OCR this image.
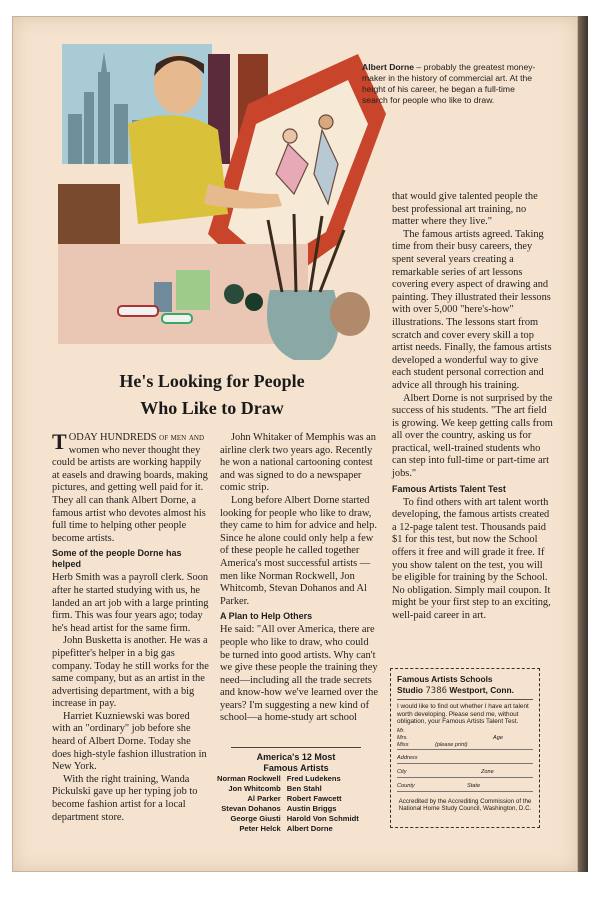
Albert Dorne – probably the greatest money-maker in the history of commercial art. At the height of his career, he began a full-time search for people who like to draw.
He's Looking for People
Who Like to Draw

TODAY HUNDREDS of men and women who never thought they could be artists are working happily at easels and drawing boards, making pictures, and getting well paid for it. They all can thank Albert Dorne, a famous artist who devotes almost his full time to helping other people become artists.

Some of the people Dorne has helped

Herb Smith was a payroll clerk. Soon after he started studying with us, he landed an art job with a large printing firm. This was four years ago; today he's head artist for the same firm.

John Busketta is another. He was a pipefitter's helper in a big gas company. Today he still works for the same company, but as an artist in the advertising department, with a big increase in pay.

Harriet Kuzniewski was bored with an "ordinary" job before she heard of Albert Dorne. Today she does high-style fashion illustration in New York.

With the right training, Wanda Pickulski gave up her typing job to become fashion artist for a local department store.

John Whitaker of Memphis was an airline clerk two years ago. Recently he won a national cartooning contest and was signed to do a newspaper comic strip.

Long before Albert Dorne started looking for people who like to draw, they came to him for advice and help. Since he alone could only help a few of these people he called together America's most successful artists —men like Norman Rockwell, Jon Whitcomb, Stevan Dohanos and Al Parker.

A Plan to Help Others

He said: "All over America, there are people who like to draw, who could be turned into good artists. Why can't we give these people the training they need—including all the trade secrets and know-how we've learned over the years? I'm suggesting a new kind of school—a home-study art school

that would give talented people the best professional art training, no matter where they live."

The famous artists agreed. Taking time from their busy careers, they spent several years creating a remarkable series of art lessons covering every aspect of drawing and painting. They illustrated their lessons with over 5,000 "here's-how" illustrations. The lessons start from scratch and cover every skill a top artist needs. Finally, the famous artists developed a wonderful way to give each student personal correction and advice all through his training.

Albert Dorne is not surprised by the success of his students. "The art field is growing. We keep getting calls from all over the country, asking us for practical, well-trained students who can step into full-time or part-time art jobs."

Famous Artists Talent Test

To find others with art talent worth developing, the famous artists created a 12-page talent test. Thousands paid $1 for this test, but now the School offers it free and will grade it free. If you show talent on the test, you will be eligible for training by the School. No obligation. Simply mail coupon. It might be your first step to an exciting, well-paid career in art.

America's 12 Most
Famous Artists
Norman Rockwell	Fred Ludekens
Jon Whitcomb	Ben Stahl
Al Parker	Robert Fawcett
Stevan Dohanos	Austin Briggs
George Giusti	Harold Von Schmidt
Peter Helck	Albert Dorne
Famous Artists Schools
Studio 7386 Westport, Conn.
I would like to find out whether I have art talent worth developing. Please send me, without obligation, your Famous Artists Talent Test.
Mr.
Mrs.
Miss	(please print)
Age
Address
City	Zone
County	State
Accredited by the Accrediting Commission of the National Home Study Council, Washington, D.C.
